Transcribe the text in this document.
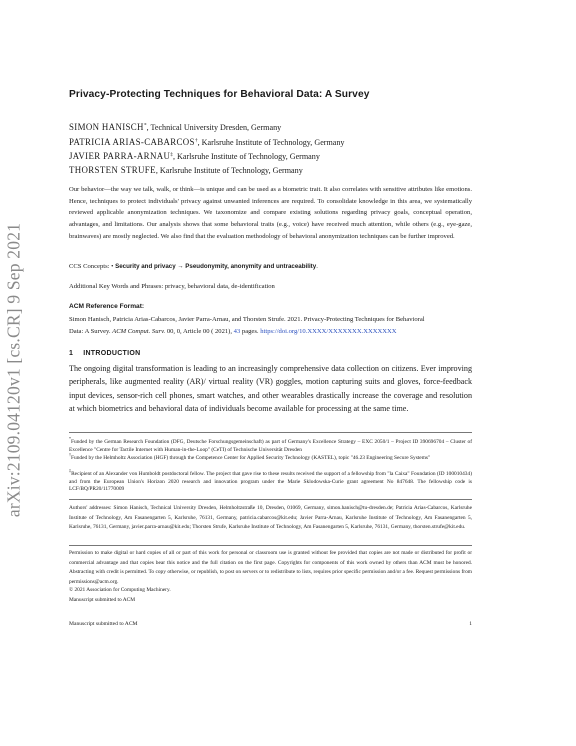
arXiv:2109.04120v1 [cs.CR] 9 Sep 2021
Privacy-Protecting Techniques for Behavioral Data: A Survey
SIMON HANISCH*, Technical University Dresden, Germany
PATRICIA ARIAS-CABARCOS†, Karlsruhe Institute of Technology, Germany
JAVIER PARRA-ARNAU‡, Karlsruhe Institute of Technology, Germany
THORSTEN STRUFE, Karlsruhe Institute of Technology, Germany
Our behavior—the way we talk, walk, or think—is unique and can be used as a biometric trait. It also correlates with sensitive attributes like emotions. Hence, techniques to protect individuals' privacy against unwanted inferences are required. To consolidate knowledge in this area, we systematically reviewed applicable anonymization techniques. We taxonomize and compare existing solutions regarding privacy goals, conceptual operation, advantages, and limitations. Our analysis shows that some behavioral traits (e.g., voice) have received much attention, while others (e.g., eye-gaze, brainwaves) are mostly neglected. We also find that the evaluation methodology of behavioral anonymization techniques can be further improved.
CCS Concepts: • Security and privacy → Pseudonymity, anonymity and untraceability.
Additional Key Words and Phrases: privacy, behavioral data, de-identification
ACM Reference Format:
Simon Hanisch, Patricia Arias-Cabarcos, Javier Parra-Arnau, and Thorsten Strufe. 2021. Privacy-Protecting Techniques for Behavioral
Data: A Survey. ACM Comput. Surv. 00, 0, Article 00 ( 2021), 43 pages. https://doi.org/10.XXXX/XXXXXXX.XXXXXXX
1 INTRODUCTION
The ongoing digital transformation is leading to an increasingly comprehensive data collection on citizens. Ever improving peripherals, like augmented reality (AR)/ virtual reality (VR) goggles, motion capturing suits and gloves, force-feedback input devices, sensor-rich cell phones, smart watches, and other wearables drastically increase the coverage and resolution at which biometrics and behavioral data of individuals become available for processing at the same time.
*Funded by the German Research Foundation (DFG, Deutsche Forschungsgemeinschaft) as part of Germany's Excellence Strategy – EXC 2050/1 – Project ID 390696704 – Cluster of Excellence "Centre for Tactile Internet with Human-in-the-Loop" (CeTI) of Technische Universität Dresden
†Funded by the Helmholtz Association (HGF) through the Competence Center for Applied Security Technology (KASTEL), topic "46.23 Engineering Secure Systems"
‡Recipient of an Alexander von Humboldt postdoctoral fellow. The project that gave rise to these results received the support of a fellowship from "la Caixa" Foundation (ID 100010434) and from the European Union's Horizon 2020 research and innovation program under the Marie Sklodowska-Curie grant agreement No 847648. The fellowship code is LCF/BQ/PR20/11770009
Authors' addresses: Simon Hanisch, Technical University Dresden, Helmholtzstraße 10, Dresden, 01069, Germany, simon.hanisch@tu-dresden.de; Patricia Arias-Cabarcos, Karlsruhe Institute of Technology, Am Fasanengarten 5, Karlsruhe, 76131, Germany, patricia.cabarcos@kit.edu; Javier Parra-Arnau, Karlsruhe Institute of Technology, Am Fasanengarten 5, Karlsruhe, 76131, Germany, javier.parra-arnau@kit.edu; Thorsten Strufe, Karlsruhe Institute of Technology, Am Fasanengarten 5, Karlsruhe, 76131, Germany, thorsten.strufe@kit.edu.
Permission to make digital or hard copies of all or part of this work for personal or classroom use is granted without fee provided that copies are not made or distributed for profit or commercial advantage and that copies bear this notice and the full citation on the first page. Copyrights for components of this work owned by others than ACM must be honored. Abstracting with credit is permitted. To copy otherwise, or republish, to post on servers or to redistribute to lists, requires prior specific permission and/or a fee. Request permissions from permissions@acm.org.
© 2021 Association for Computing Machinery.
Manuscript submitted to ACM
Manuscript submitted to ACM	1
